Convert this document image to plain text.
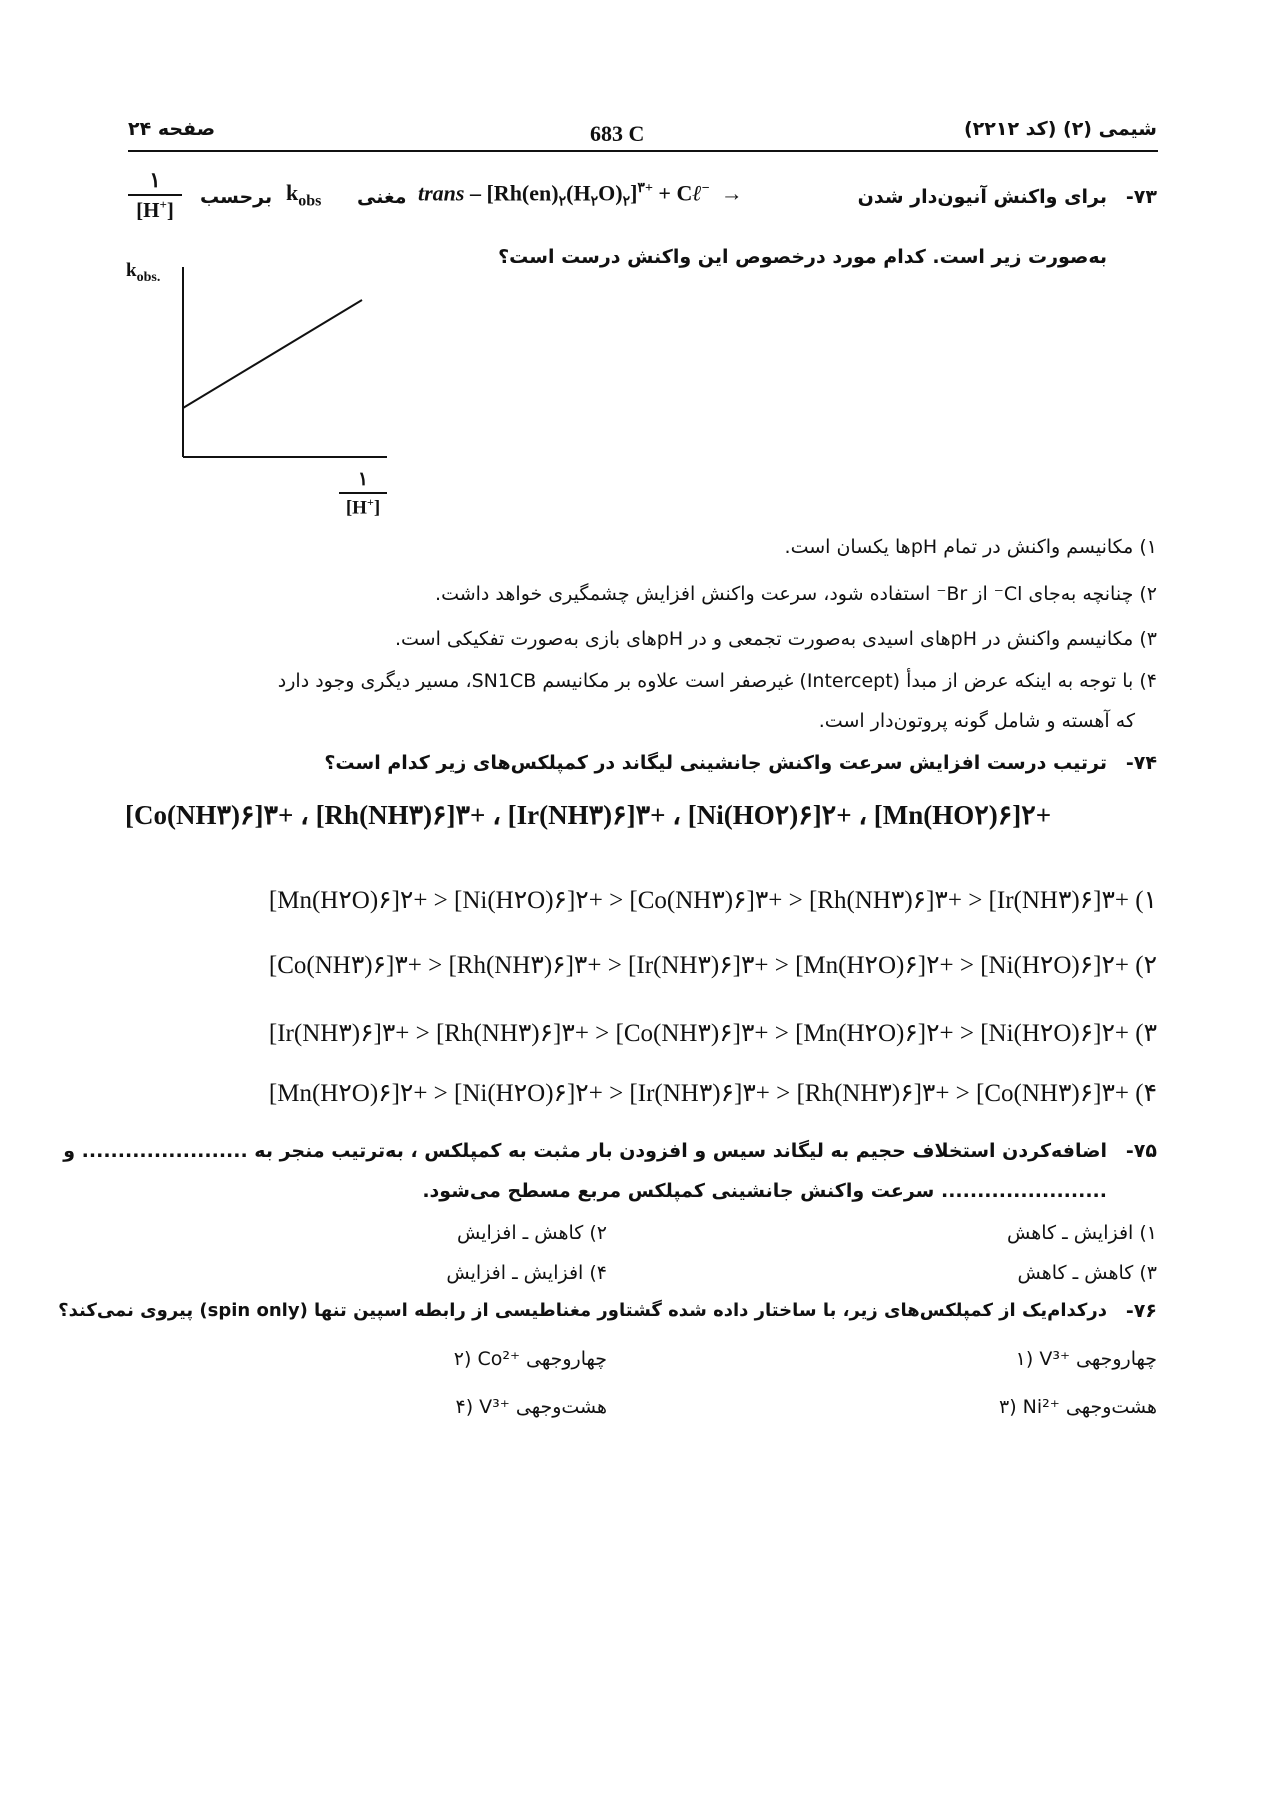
صفحه ۲۴	683 C	شیمی (۲) (کد ۲۲۱۲)
-۷۳
برای واکنش آنیون‌دار شدن
trans – $[Rh(en)_۲(H_۲O)_۲]^{۳+}$ + Cℓ−  →
مغنی
$k_{obs}$
برحسب
۱
[H+]
به‌صورت زیر است. کدام مورد درخصوص این واکنش درست است؟
$k_{obs.}$
۱
[H+]
۱) مکانیسم واکنش در تمام pHها یکسان است.
۲) چنانچه به‌جای Cl⁻ از Br⁻ استفاده شود، سرعت واکنش افزایش چشمگیری خواهد داشت.
۳) مکانیسم واکنش در pHهای اسیدی به‌صورت تجمعی و در pHهای بازی به‌صورت تفکیکی است.
۴) با توجه به اینکه عرض از مبدأ (Intercept) غیرصفر است علاوه بر مکانیسم SN1CB، مسیر دیگری وجود دارد
که آهسته و شامل گونه پروتون‌دار است.
-۷۴
ترتیب درست افزایش سرعت واکنش جانشینی لیگاند در کمپلکس‌های زیر کدام است؟
[Co(NH۳)۶]۳+ ، [Rh(NH۳)۶]۳+ ، [Ir(NH۳)۶]۳+ ، [Ni(HO۲)۶]۲+ ، [Mn(HO۲)۶]۲+
[Mn(H۲O)۶]۲+ > [Ni(H۲O)۶]۲+ > [Co(NH۳)۶]۳+ > [Rh(NH۳)۶]۳+ > [Ir(NH۳)۶]۳+ (۱
[Co(NH۳)۶]۳+ > [Rh(NH۳)۶]۳+ > [Ir(NH۳)۶]۳+ > [Mn(H۲O)۶]۲+ > [Ni(H۲O)۶]۲+ (۲
[Ir(NH۳)۶]۳+ > [Rh(NH۳)۶]۳+ > [Co(NH۳)۶]۳+ > [Mn(H۲O)۶]۲+ > [Ni(H۲O)۶]۲+ (۳
[Mn(H۲O)۶]۲+ > [Ni(H۲O)۶]۲+ > [Ir(NH۳)۶]۳+ > [Rh(NH۳)۶]۳+ > [Co(NH۳)۶]۳+ (۴
-۷۵
اضافه‌کردن استخلاف حجیم به لیگاند سیس و افزودن بار مثبت به کمپلکس ، به‌ترتیب منجر به ....................... و
....................... سرعت واکنش جانشینی کمپلکس مربع مسطح می‌شود.
۱) افزایش ـ کاهش
۲) کاهش ـ افزایش
۳) کاهش ـ کاهش
۴) افزایش ـ افزایش
-۷۶
درکدام‌یک از کمپلکس‌های زیر، با ساختار داده شده گشتاور مغناطیسی از رابطه اسپین تنها (spin only) پیروی نمی‌کند؟
۱) V³⁺ چهاروجهی
۲) Co²⁺ چهاروجهی
۳) Ni²⁺ هشت‌وجهی
۴) V³⁺ هشت‌وجهی
